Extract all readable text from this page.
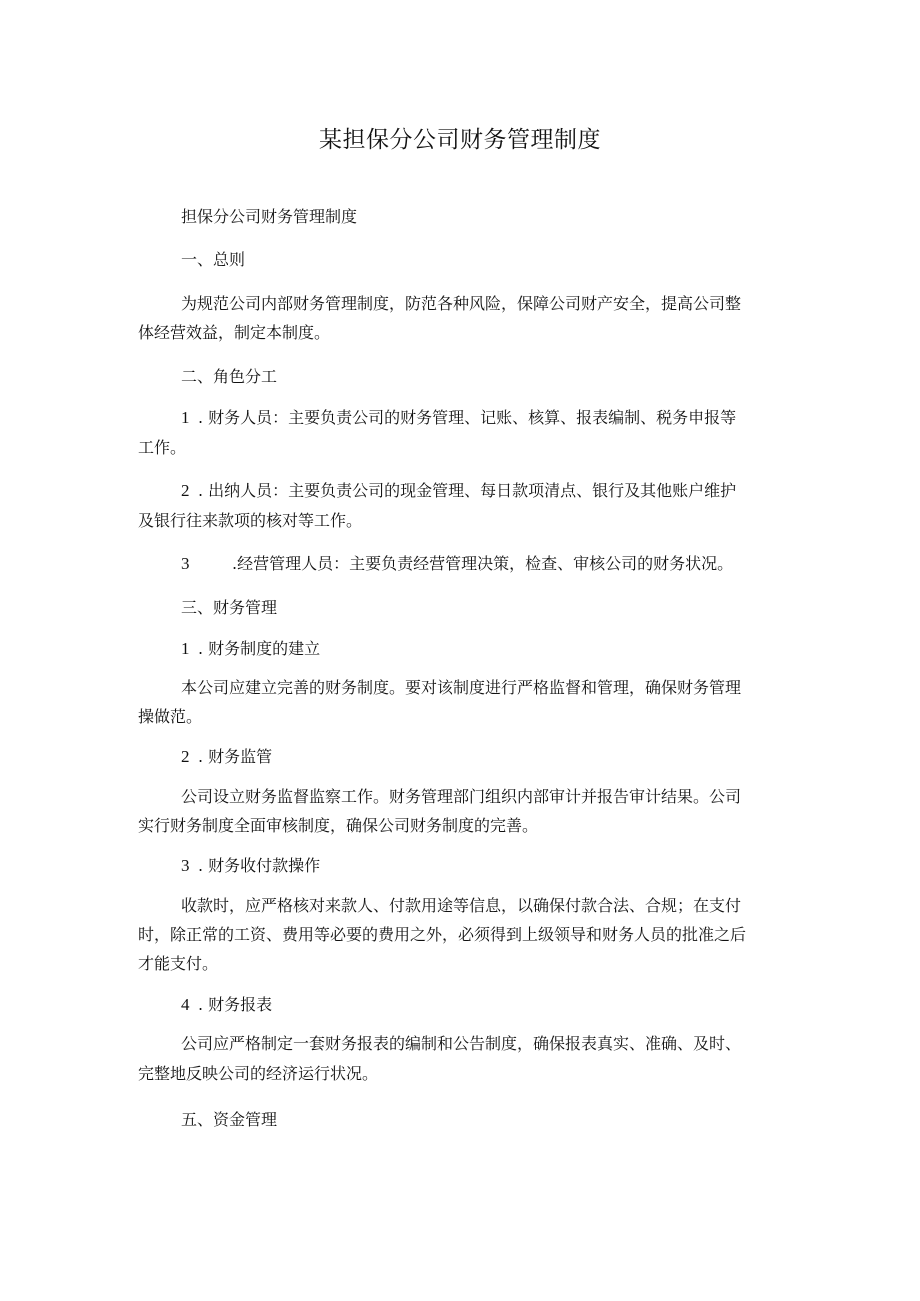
某担保分公司财务管理制度
担保分公司财务管理制度
一、总则
为规范公司内部财务管理制度，防范各种风险，保障公司财产安全，提高公司整
体经营效益，制定本制度。
二、角色分工
1 . 财务人员：主要负责公司的财务管理、记账、核算、报表编制、税务申报等
工作。
2 . 出纳人员：主要负责公司的现金管理、每日款项清点、银行及其他账户维护
及银行往来款项的核对等工作。
3	.经营管理人员：主要负责经营管理决策，检查、审核公司的财务状况。
三、财务管理
1 . 财务制度的建立
本公司应建立完善的财务制度。要对该制度进行严格监督和管理，确保财务管理
操做范。
2 . 财务监管
公司设立财务监督监察工作。财务管理部门组织内部审计并报告审计结果。公司
实行财务制度全面审核制度，确保公司财务制度的完善。
3 . 财务收付款操作
收款时，应严格核对来款人、付款用途等信息，以确保付款合法、合规；在支付
时，除正常的工资、费用等必要的费用之外，必须得到上级领导和财务人员的批准之后
才能支付。
4 . 财务报表
公司应严格制定一套财务报表的编制和公告制度，确保报表真实、准确、及时、
完整地反映公司的经济运行状况。
五、资金管理
